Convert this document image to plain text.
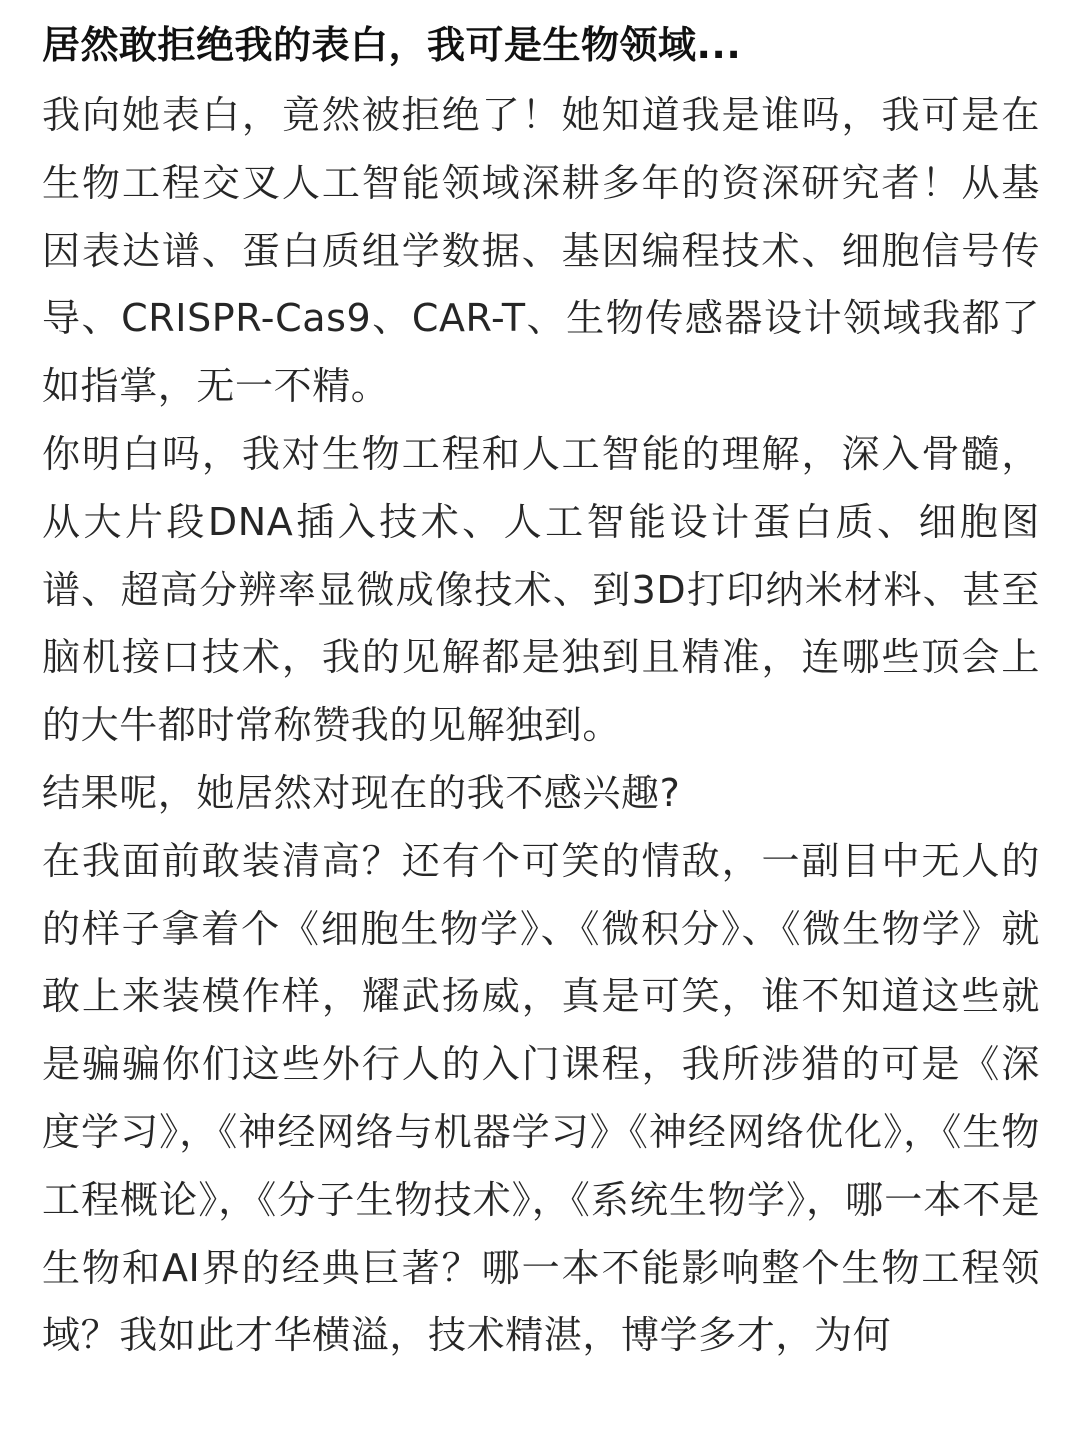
居然敢拒绝我的表白，我可是生物领域...

我向她表白，竟然被拒绝了！她知道我是谁吗，我可是在生物工程交叉人工智能领域深耕多年的资深研究者！从基因表达谱、蛋白质组学数据、基因编程技术、细胞信号传导、CRISPR-Cas9、CAR-T、生物传感器设计领域我都了如指掌，无一不精。

你明白吗，我对生物工程和人工智能的理解，深入骨髓，从大片段DNA插入技术、人工智能设计蛋白质、细胞图谱、超高分辨率显微成像技术、到3D打印纳米材料、甚至脑机接口技术，我的见解都是独到且精准，连哪些顶会上的大牛都时常称赞我的见解独到。

结果呢，她居然对现在的我不感兴趣?

在我面前敢装清高？还有个可笑的情敌，一副目中无人的的样子拿着个《细胞生物学》、《微积分》、《微生物学》就敢上来装模作样，耀武扬威，真是可笑，谁不知道这些就是骗骗你们这些外行人的入门课程，我所涉猎的可是《深度学习》，《神经网络与机器学习》《神经网络优化》，《生物工程概论》，《分子生物技术》，《系统生物学》，哪一本不是生物和AI界的经典巨著？哪一本不能影响整个生物工程领域？我如此才华横溢，技术精湛，博学多才，为何
